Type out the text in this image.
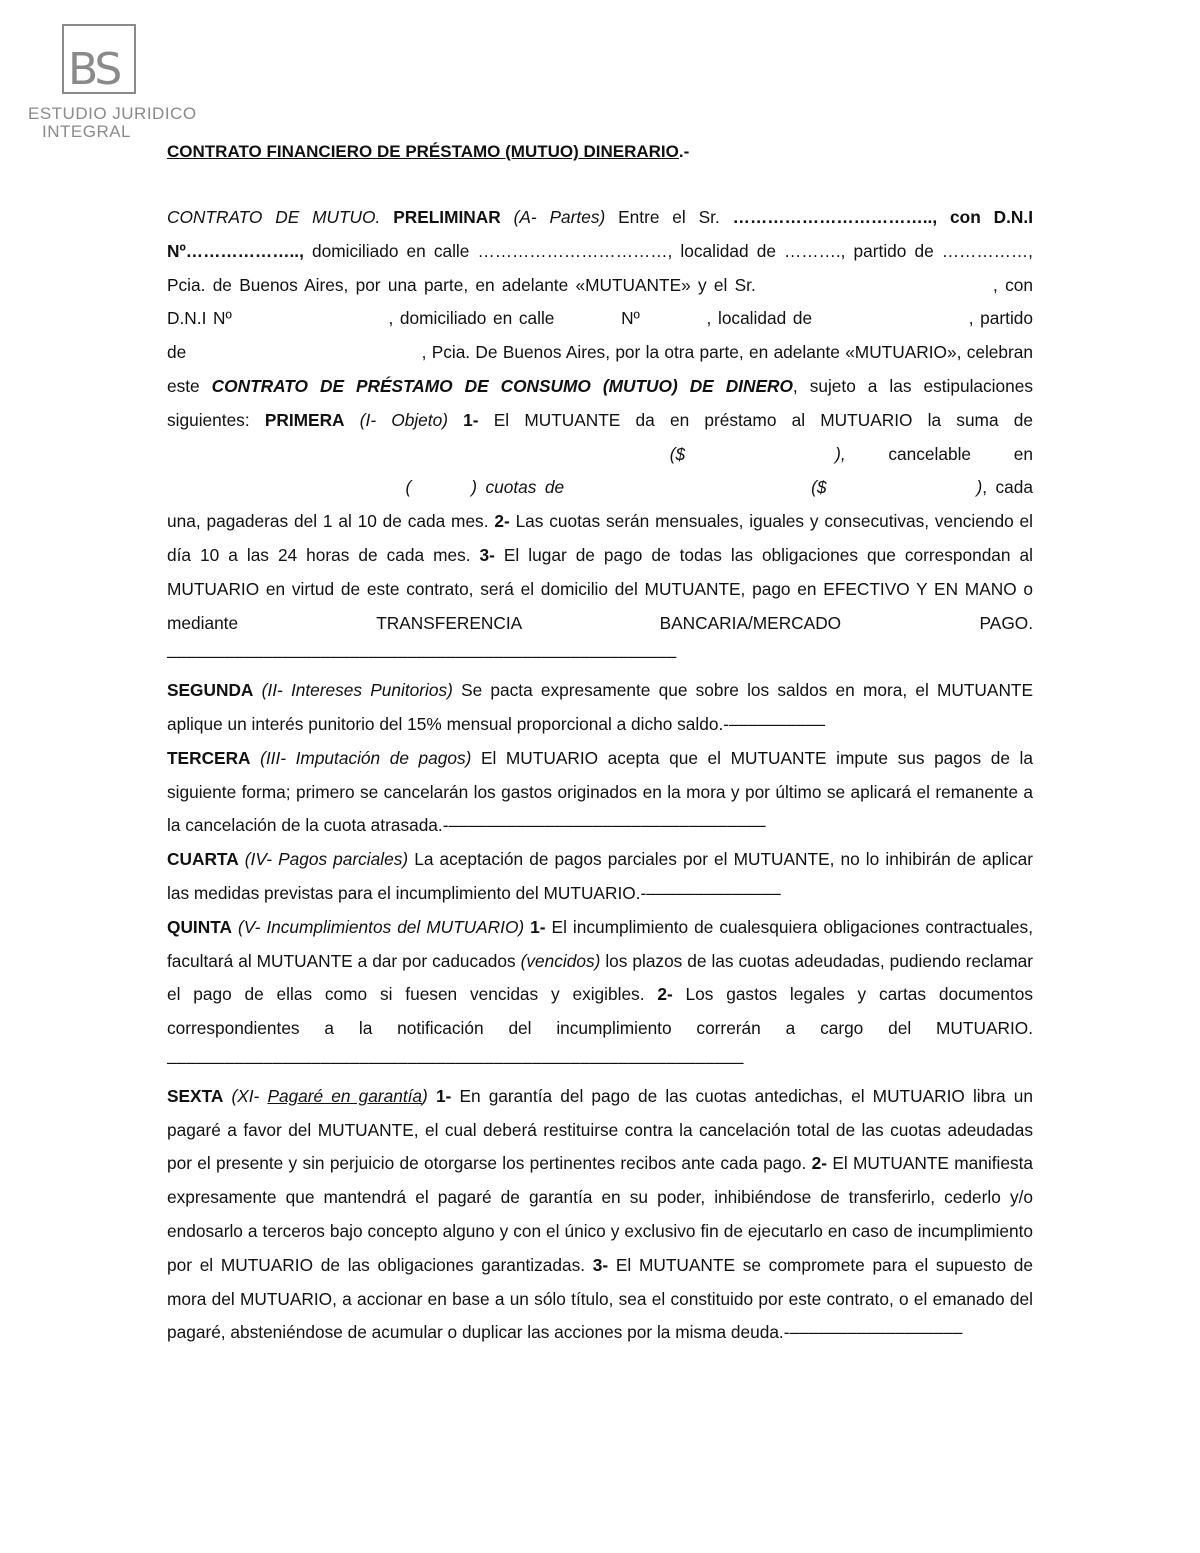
BS
ESTUDIO JURIDICO
INTEGRAL
CONTRATO FINANCIERO DE PRÉSTAMO (MUTUO) DINERARIO.-

CONTRATO DE MUTUO. PRELIMINAR (A- Partes) Entre el Sr. …………………………….., con D.N.I Nº……………….., domiciliado en calle ……………………………, localidad de ………., partido de ……………, Pcia. de Buenos Aires, por una parte, en adelante «MUTUANTE» y el Sr.	, con D.N.I Nº	, domiciliado en calle	Nº	, localidad de	, partido de	, Pcia. De Buenos Aires, por la otra parte, en adelante «MUTUARIO», celebran este CONTRATO DE PRÉSTAMO DE CONSUMO (MUTUO) DE DINERO, sujeto a las estipulaciones siguientes: PRIMERA (I- Objeto) 1- El MUTUANTE da en préstamo al MUTUARIO la suma de  ($	), cancelable en  (	) cuotas de	($	), cada una, pagaderas del 1 al 10 de cada mes. 2- Las cuotas serán mensuales, iguales y consecutivas, venciendo el día 10 a las 24 horas de cada mes. 3- El lugar de pago de todas las obligaciones que correspondan al MUTUARIO en virtud de este contrato, será el domicilio del MUTUANTE, pago en EFECTIVO Y EN MANO o mediante TRANSFERENCIA BANCARIA/MERCADO PAGO. –––––––––––––––––––––––––––––––––––––––––––––––––––––

SEGUNDA (II- Intereses Punitorios) Se pacta expresamente que sobre los saldos en mora, el MUTUANTE aplique un interés punitorio del 15% mensual proporcional a dicho saldo.-––––––––––

TERCERA (III- Imputación de pagos) El MUTUARIO acepta que el MUTUANTE impute sus pagos de la siguiente forma; primero se cancelarán los gastos originados en la mora y por último se aplicará el remanente a la cancelación de la cuota atrasada.-–––––––––––––––––––––––––––––––––

CUARTA (IV- Pagos parciales) La aceptación de pagos parciales por el MUTUANTE, no lo inhibirán de aplicar las medidas previstas para el incumplimiento del MUTUARIO.-––––––––––––––

QUINTA (V- Incumplimientos del MUTUARIO) 1- El incumplimiento de cualesquiera obligaciones contractuales, facultará al MUTUANTE a dar por caducados (vencidos) los plazos de las cuotas adeudadas, pudiendo reclamar el pago de ellas como si fuesen vencidas y exigibles. 2- Los gastos legales y cartas documentos correspondientes a la notificación del incumplimiento correrán a cargo del MUTUARIO. ––––––––––––––––––––––––––––––––––––––––––––––––––––––––––––

SEXTA (XI- Pagaré en garantía) 1- En garantía del pago de las cuotas antedichas, el MUTUARIO libra un pagaré a favor del MUTUANTE, el cual deberá restituirse contra la cancelación total de las cuotas adeudadas por el presente y sin perjuicio de otorgarse los pertinentes recibos ante cada pago. 2- El MUTUANTE manifiesta expresamente que mantendrá el pagaré de garantía en su poder, inhibiéndose de transferirlo, cederlo y/o endosarlo a terceros bajo concepto alguno y con el único y exclusivo fin de ejecutarlo en caso de incumplimiento por el MUTUARIO de las obligaciones garantizadas. 3- El MUTUANTE se compromete para el supuesto de mora del MUTUARIO, a accionar en base a un sólo título, sea el constituido por este contrato, o el emanado del pagaré, absteniéndose de acumular o duplicar las acciones por la misma deuda.-––––––––––––––––––
